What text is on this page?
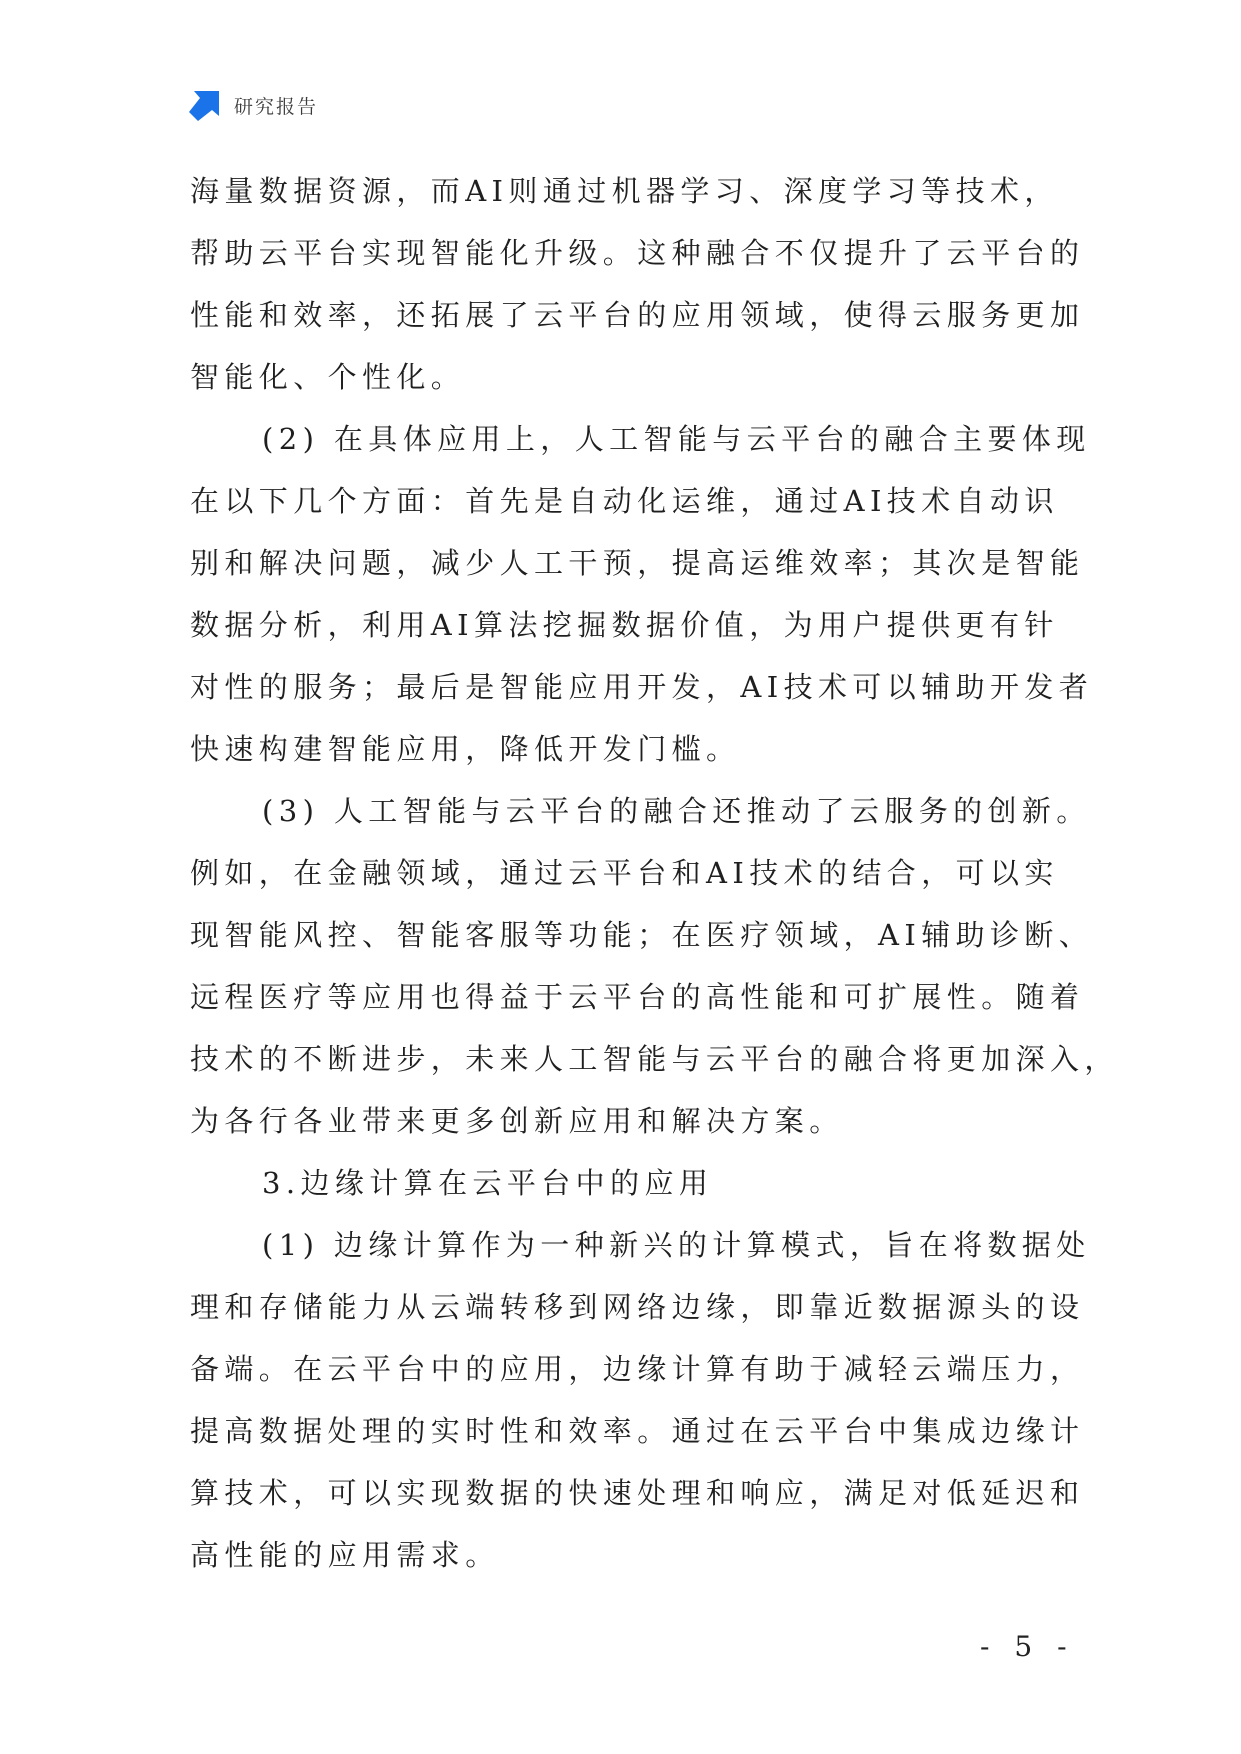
研究报告
海量数据资源，而AI则通过机器学习、深度学习等技术，
帮助云平台实现智能化升级。这种融合不仅提升了云平台的
性能和效率，还拓展了云平台的应用领域，使得云服务更加
智能化、个性化。
(2) 在具体应用上，人工智能与云平台的融合主要体现
在以下几个方面：首先是自动化运维，通过AI技术自动识
别和解决问题，减少人工干预，提高运维效率；其次是智能
数据分析，利用AI算法挖掘数据价值，为用户提供更有针
对性的服务；最后是智能应用开发，AI技术可以辅助开发者
快速构建智能应用，降低开发门槛。
(3) 人工智能与云平台的融合还推动了云服务的创新。
例如，在金融领域，通过云平台和AI技术的结合，可以实
现智能风控、智能客服等功能；在医疗领域，AI辅助诊断、
远程医疗等应用也得益于云平台的高性能和可扩展性。随着
技术的不断进步，未来人工智能与云平台的融合将更加深入，
为各行各业带来更多创新应用和解决方案。
3.边缘计算在云平台中的应用
(1) 边缘计算作为一种新兴的计算模式，旨在将数据处
理和存储能力从云端转移到网络边缘，即靠近数据源头的设
备端。在云平台中的应用，边缘计算有助于减轻云端压力，
提高数据处理的实时性和效率。通过在云平台中集成边缘计
算技术，可以实现数据的快速处理和响应，满足对低延迟和
高性能的应用需求。
- 5 -
